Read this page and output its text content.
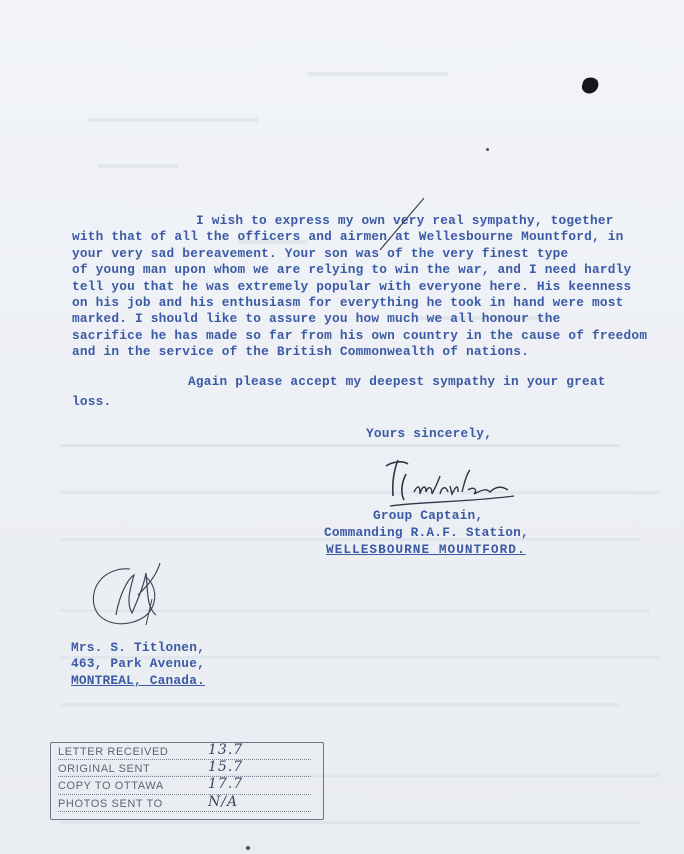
I wish to express my own very real sympathy, together
with that of all the officers and airmen at Wellesbourne Mountford, in
your very sad bereavement. Your son was of the very finest type
of young man upon whom we are relying to win the war, and I need hardly
tell you that he was extremely popular with everyone here. His keenness
on his job and his enthusiasm for everything he took in hand were most
marked. I should like to assure you how much we all honour the
sacrifice he has made so far from his own country in the cause of freedom
and in the service of the British Commonwealth of nations.
Again please accept my deepest sympathy in your great
loss.
Yours sincerely,
Group Captain,
Commanding R.A.F. Station,
WELLESBOURNE MOUNTFORD.
Mrs. S. Titlonen,
463, Park Avenue,
MONTREAL, Canada.
LETTER RECEIVED	13.7
ORIGINAL SENT	15.7
COPY TO OTTAWA	17.7
PHOTOS SENT TO	N/A
